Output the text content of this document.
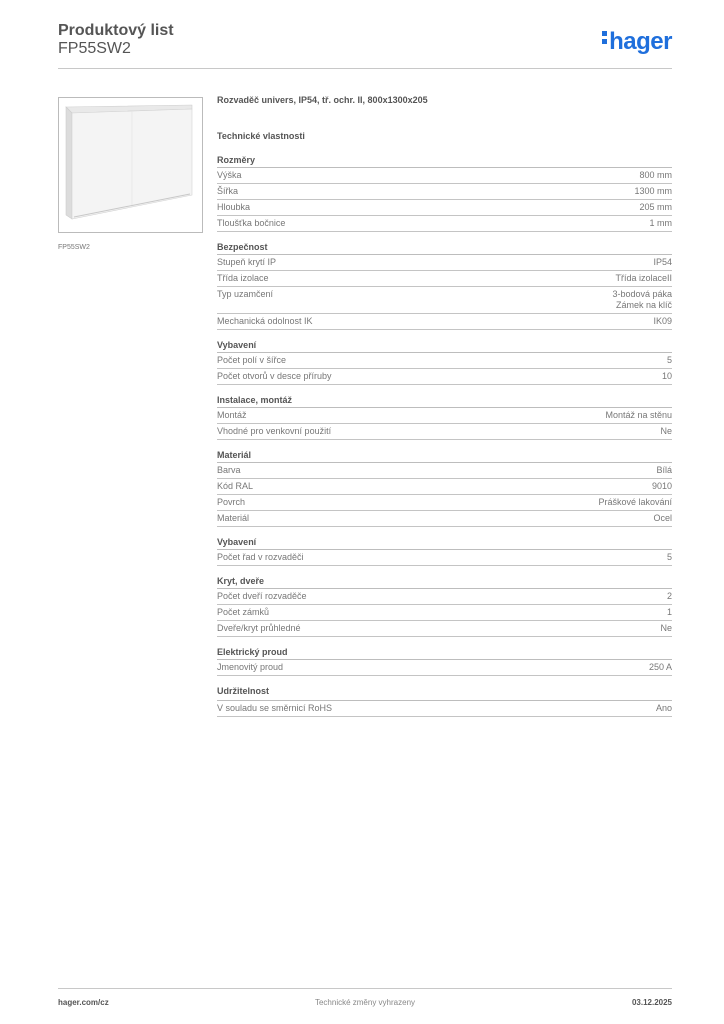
Produktový list
FP55SW2	hager
FP55SW2
Rozvaděč univers, IP54, tř. ochr. II, 800x1300x205
Technické vlastnosti
Rozměry
Výška	800 mm
Šířka	1300 mm
Hloubka	205 mm
Tloušťka bočnice	1 mm
Bezpečnost
Stupeň krytí IP	IP54
Třída izolace	Třída izolaceII
Typ uzamčení	3-bodová páka
Zámek na klíč
Mechanická odolnost IK	IK09
Vybavení
Počet polí v šířce	5
Počet otvorů v desce příruby	10
Instalace, montáž
Montáž	Montáž na stěnu
Vhodné pro venkovní použití	Ne
Materiál
Barva	Bílá
Kód RAL	9010
Povrch	Práškové lakování
Materiál	Ocel
Vybavení
Počet řad v rozvaděči	5
Kryt, dveře
Počet dveří rozvaděče	2
Počet zámků	1
Dveře/kryt průhledné	Ne
Elektrický proud
Jmenovitý proud	250 A
Udržitelnost
V souladu se směrnicí RoHS	Ano
Technické změny vyhrazeny
hager.com/cz	03.12.2025
